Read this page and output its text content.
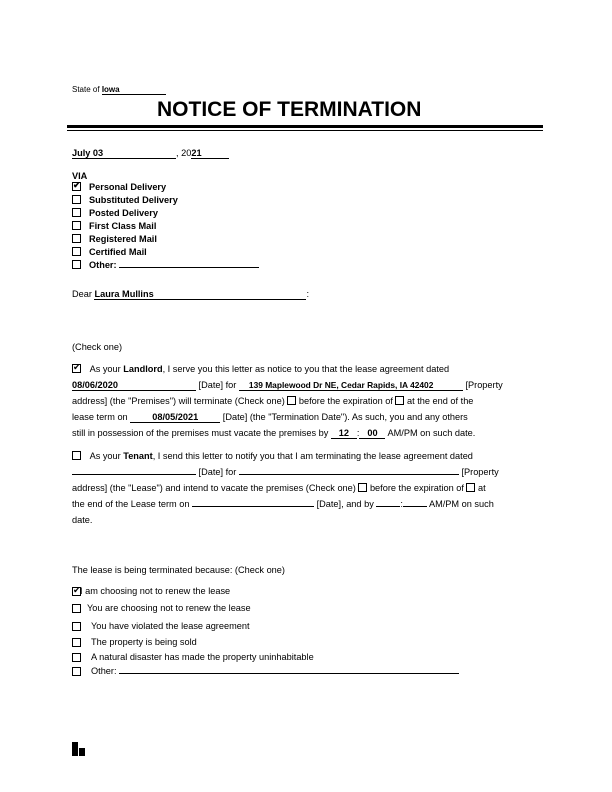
State of Iowa
NOTICE OF TERMINATION
July 03	, 2021
VIA
✔Personal Delivery
Substituted Delivery
Posted Delivery
First Class Mail
Registered Mail
Certified Mail
Other:
Dear Laura Mullins	:
(Check one)
✔ As your Landlord, I serve you this letter as notice to you that the lease agreement dated
08/06/2020	[Date] for 139 Maplewood Dr NE, Cedar Rapids, IA 42402	[Property
address] (the "Premises") will terminate (Check one)  before the expiration of  at the end of the
lease term on 08/05/2021 [Date] (the "Termination Date"). As such, you and any others
still in possession of the premises must vacate the premises by 12 : 00 AM/PM on such date.
As your Tenant, I send this letter to notify you that I am terminating the lease agreement dated
[Date] for	[Property
address] (the "Lease") and intend to vacate the premises (Check one)  before the expiration of  at
the end of the Lease term on	[Date], and by	:	AM/PM on such
date.
The lease is being terminated because: (Check one)
✔
I am choosing not to renew the lease
You are choosing not to renew the lease
You have violated the lease agreement
The property is being sold
A natural disaster has made the property uninhabitable
Other:
